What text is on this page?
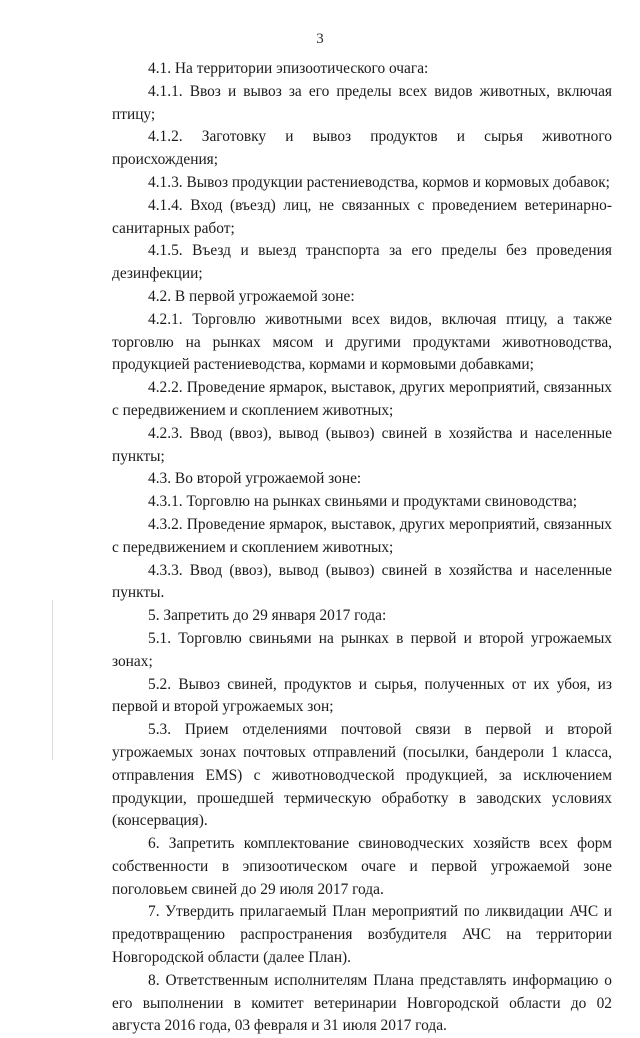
3

4.1. На территории эпизоотического очага:

4.1.1. Ввоз и вывоз за его пределы всех видов животных, включая птицу;

4.1.2. Заготовку и вывоз продуктов и сырья животного происхождения;

4.1.3. Вывоз продукции растениеводства, кормов и кормовых добавок;

4.1.4. Вход (въезд) лиц, не связанных с проведением ветеринарно-санитарных работ;

4.1.5. Въезд и выезд транспорта за его пределы без проведения дезинфекции;

4.2. В первой угрожаемой зоне:

4.2.1. Торговлю животными всех видов, включая птицу, а также торговлю на рынках мясом и другими продуктами животноводства, продукцией растениеводства, кормами и кормовыми добавками;

4.2.2. Проведение ярмарок, выставок, других мероприятий, связанных с передвижением и скоплением животных;

4.2.3. Ввод (ввоз), вывод (вывоз) свиней в хозяйства и населенные пункты;

4.3. Во второй угрожаемой зоне:

4.3.1. Торговлю на рынках свиньями и продуктами свиноводства;

4.3.2. Проведение ярмарок, выставок, других мероприятий, связанных с передвижением и скоплением животных;

4.3.3. Ввод (ввоз), вывод (вывоз) свиней в хозяйства и населенные пункты.

5. Запретить до 29 января 2017 года:

5.1. Торговлю свиньями на рынках в первой и второй угрожаемых зонах;

5.2. Вывоз свиней, продуктов и сырья, полученных от их убоя, из первой и второй угрожаемых зон;

5.3. Прием отделениями почтовой связи в первой и второй угрожаемых зонах почтовых отправлений (посылки, бандероли 1 класса, отправления EMS) с животноводческой продукцией, за исключением продукции, прошедшей термическую обработку в заводских условиях (консервация).

6. Запретить комплектование свиноводческих хозяйств всех форм собственности в эпизоотическом очаге и первой угрожаемой зоне поголовьем свиней до 29 июля 2017 года.

7. Утвердить прилагаемый План мероприятий по ликвидации АЧС и предотвращению распространения возбудителя АЧС на территории Новгородской области (далее План).

8. Ответственным исполнителям Плана представлять информацию о его выполнении в комитет ветеринарии Новгородской области до 02 августа 2016 года, 03 февраля и 31 июля 2017 года.
